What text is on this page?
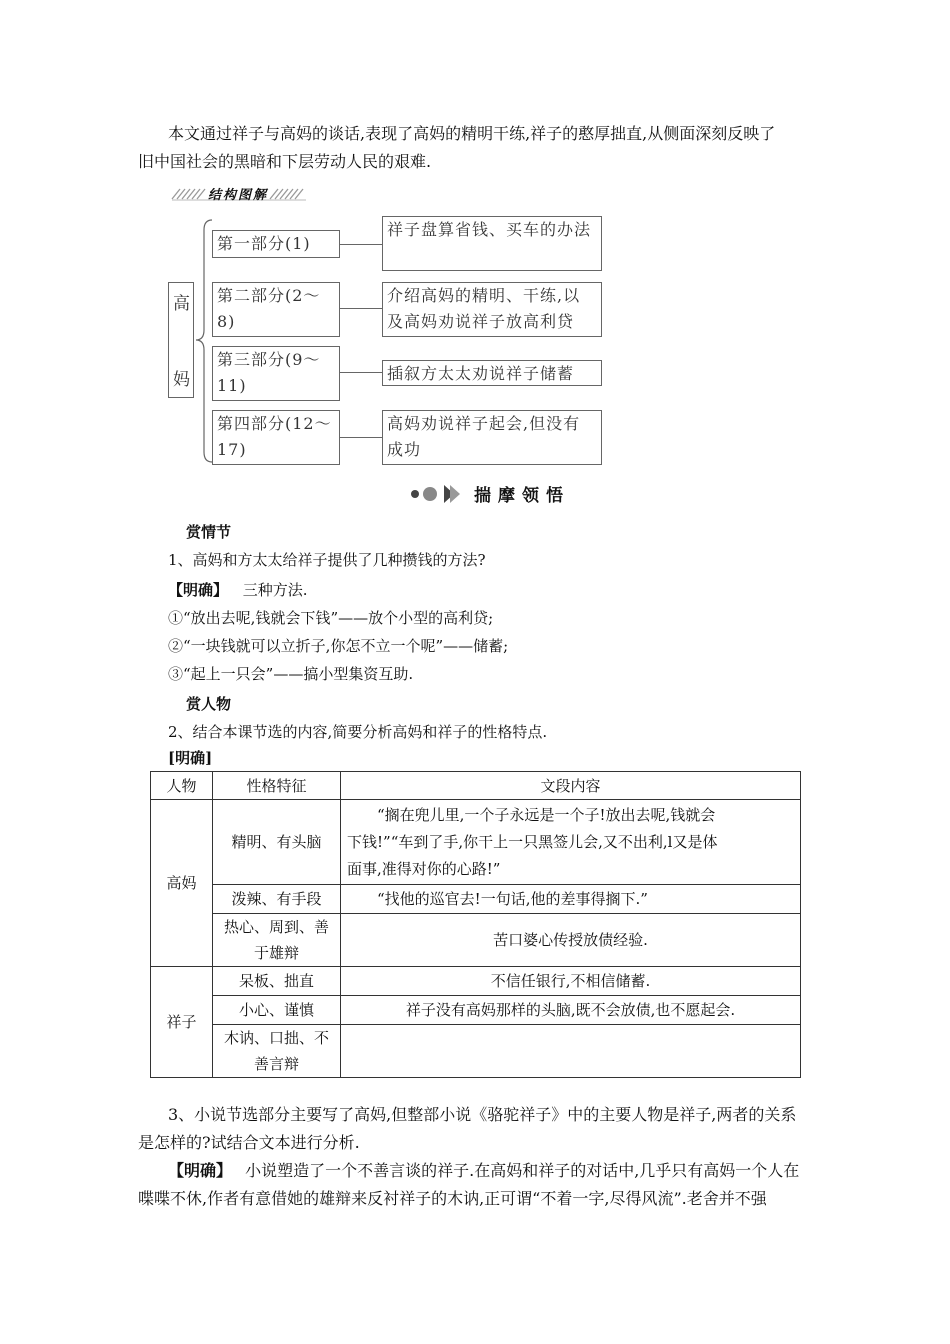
本文通过祥子与高妈的谈话,表现了高妈的精明干练,祥子的憨厚拙直,从侧面深刻反映了
旧中国社会的黑暗和下层劳动人民的艰难.
结构图解
高
妈
第一部分(1)
祥子盘算省钱、买车的办法
第二部分(2～8)
介绍高妈的精明、干练,以及高妈劝说祥子放高利贷
第三部分(9～11)
插叙方太太劝说祥子储蓄
第四部分(12～17)
高妈劝说祥子起会,但没有成功
揣摩领悟
赏情节
1、高妈和方太太给祥子提供了几种攒钱的方法?
【明确】 三种方法.
①“放出去呢,钱就会下钱”——放个小型的高利贷;
②“一块钱就可以立折子,你怎不立一个呢”——储蓄;
③“起上一只会”——搞小型集资互助.
赏人物
2、结合本课节选的内容,简要分析高妈和祥子的性格特点.
[明确]
人物	性格特征	文段内容
高妈	精明、有头脑	“搁在兜儿里,一个子永远是一个子!放出去呢,钱就会
下钱!”“车到了手,你干上一只黑签儿会,又不出利,l又是体
面事,准得对你的心路!”

	泼辣、有手段	“找他的巡官去!一句话,他的差事得搁下.”

	热心、周到、善
于雄辩	苦口婆心传授放债经验.
祥子	呆板、拙直	不信任银行,不相信储蓄.
	小心、谨慎	祥子没有高妈那样的头脑,既不会放债,也不愿起会.

	木讷、口拙、不
善言辩	

3、小说节选部分主要写了高妈,但整部小说《骆驼祥子》中的主要人物是祥子,两者的关系
是怎样的?试结合文本进行分析.
【明确】 小说塑造了一个不善言谈的祥子.在高妈和祥子的对话中,几乎只有高妈一个人在
喋喋不休,作者有意借她的雄辩来反衬祥子的木讷,正可谓“不着一字,尽得风流”.老舍并不强
